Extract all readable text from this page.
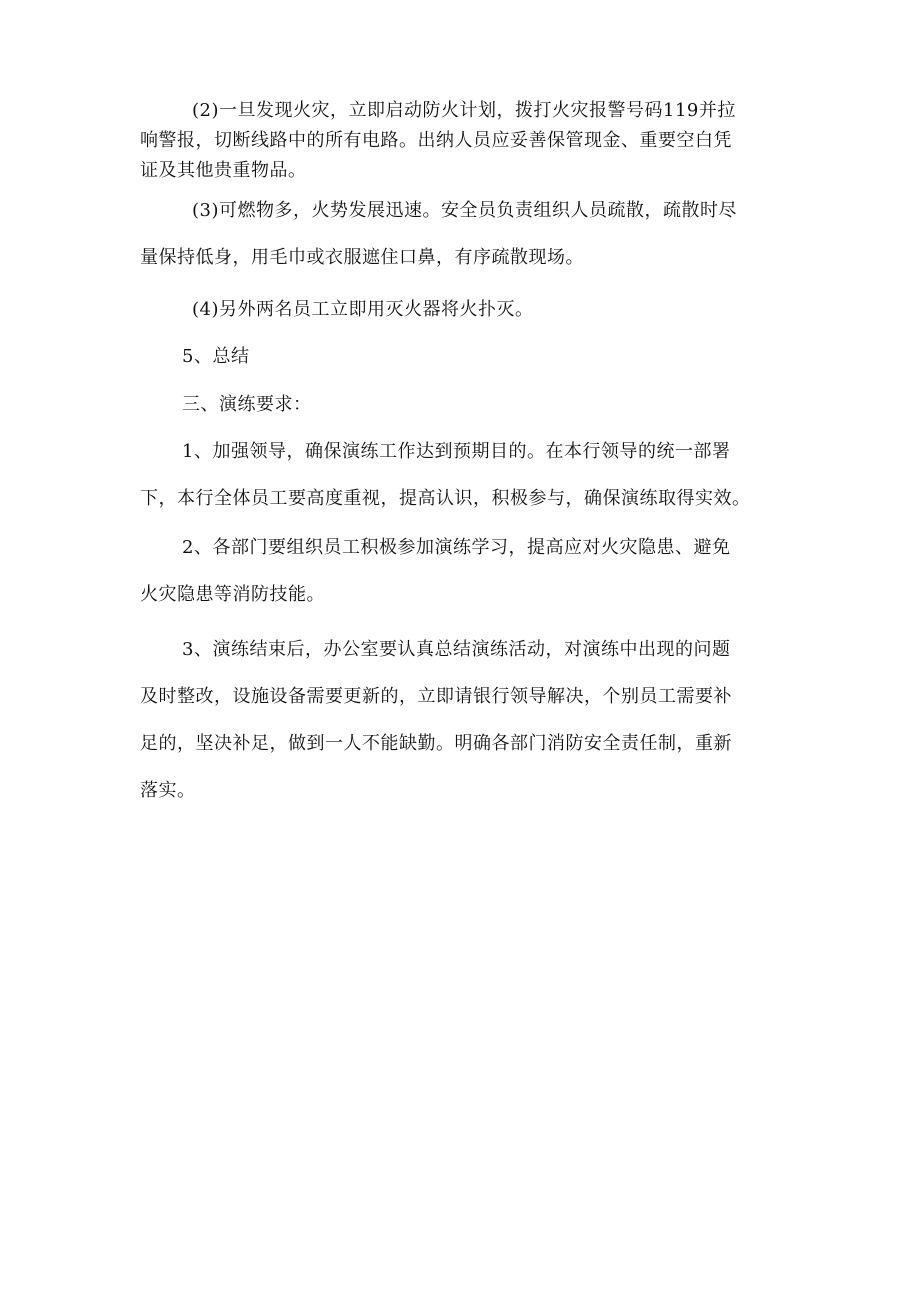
(2)一旦发现火灾，立即启动防火计划，拨打火灾报警号码119并拉
响警报，切断线路中的所有电路。出纳人员应妥善保管现金、重要空白凭
证及其他贵重物品。
(3)可燃物多，火势发展迅速。安全员负责组织人员疏散，疏散时尽
量保持低身，用毛巾或衣服遮住口鼻，有序疏散现场。
(4)另外两名员工立即用灭火器将火扑灭。
5、总结
三、演练要求：
1、加强领导，确保演练工作达到预期目的。在本行领导的统一部署
下，本行全体员工要高度重视，提高认识，积极参与，确保演练取得实效。
2、各部门要组织员工积极参加演练学习，提高应对火灾隐患、避免
火灾隐患等消防技能。
3、演练结束后，办公室要认真总结演练活动，对演练中出现的问题
及时整改，设施设备需要更新的，立即请银行领导解决，个别员工需要补
足的，坚决补足，做到一人不能缺勤。明确各部门消防安全责任制，重新
落实。
